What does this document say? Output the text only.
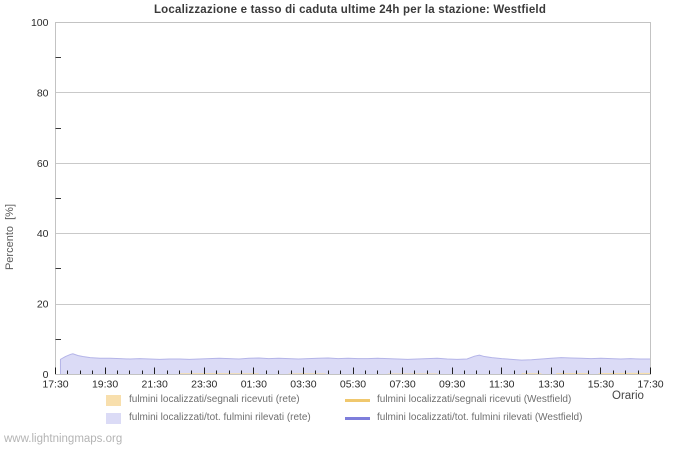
Localizzazione e tasso di caduta ultime 24h per la stazione: Westfield
Percento  [%]
17:30 19:30 21:30 23:30 01:30 03:30 05:30 07:30 09:30 11:30 13:30 15:30 17:30
0
20
40
60
80
100
Orario
fulmini localizzati/segnali ricevuti (rete)
fulmini localizzati/tot. fulmini rilevati (rete)
fulmini localizzati/segnali ricevuti (Westfield)
fulmini localizzati/tot. fulmini rilevati (Westfield)
www.lightningmaps.org
